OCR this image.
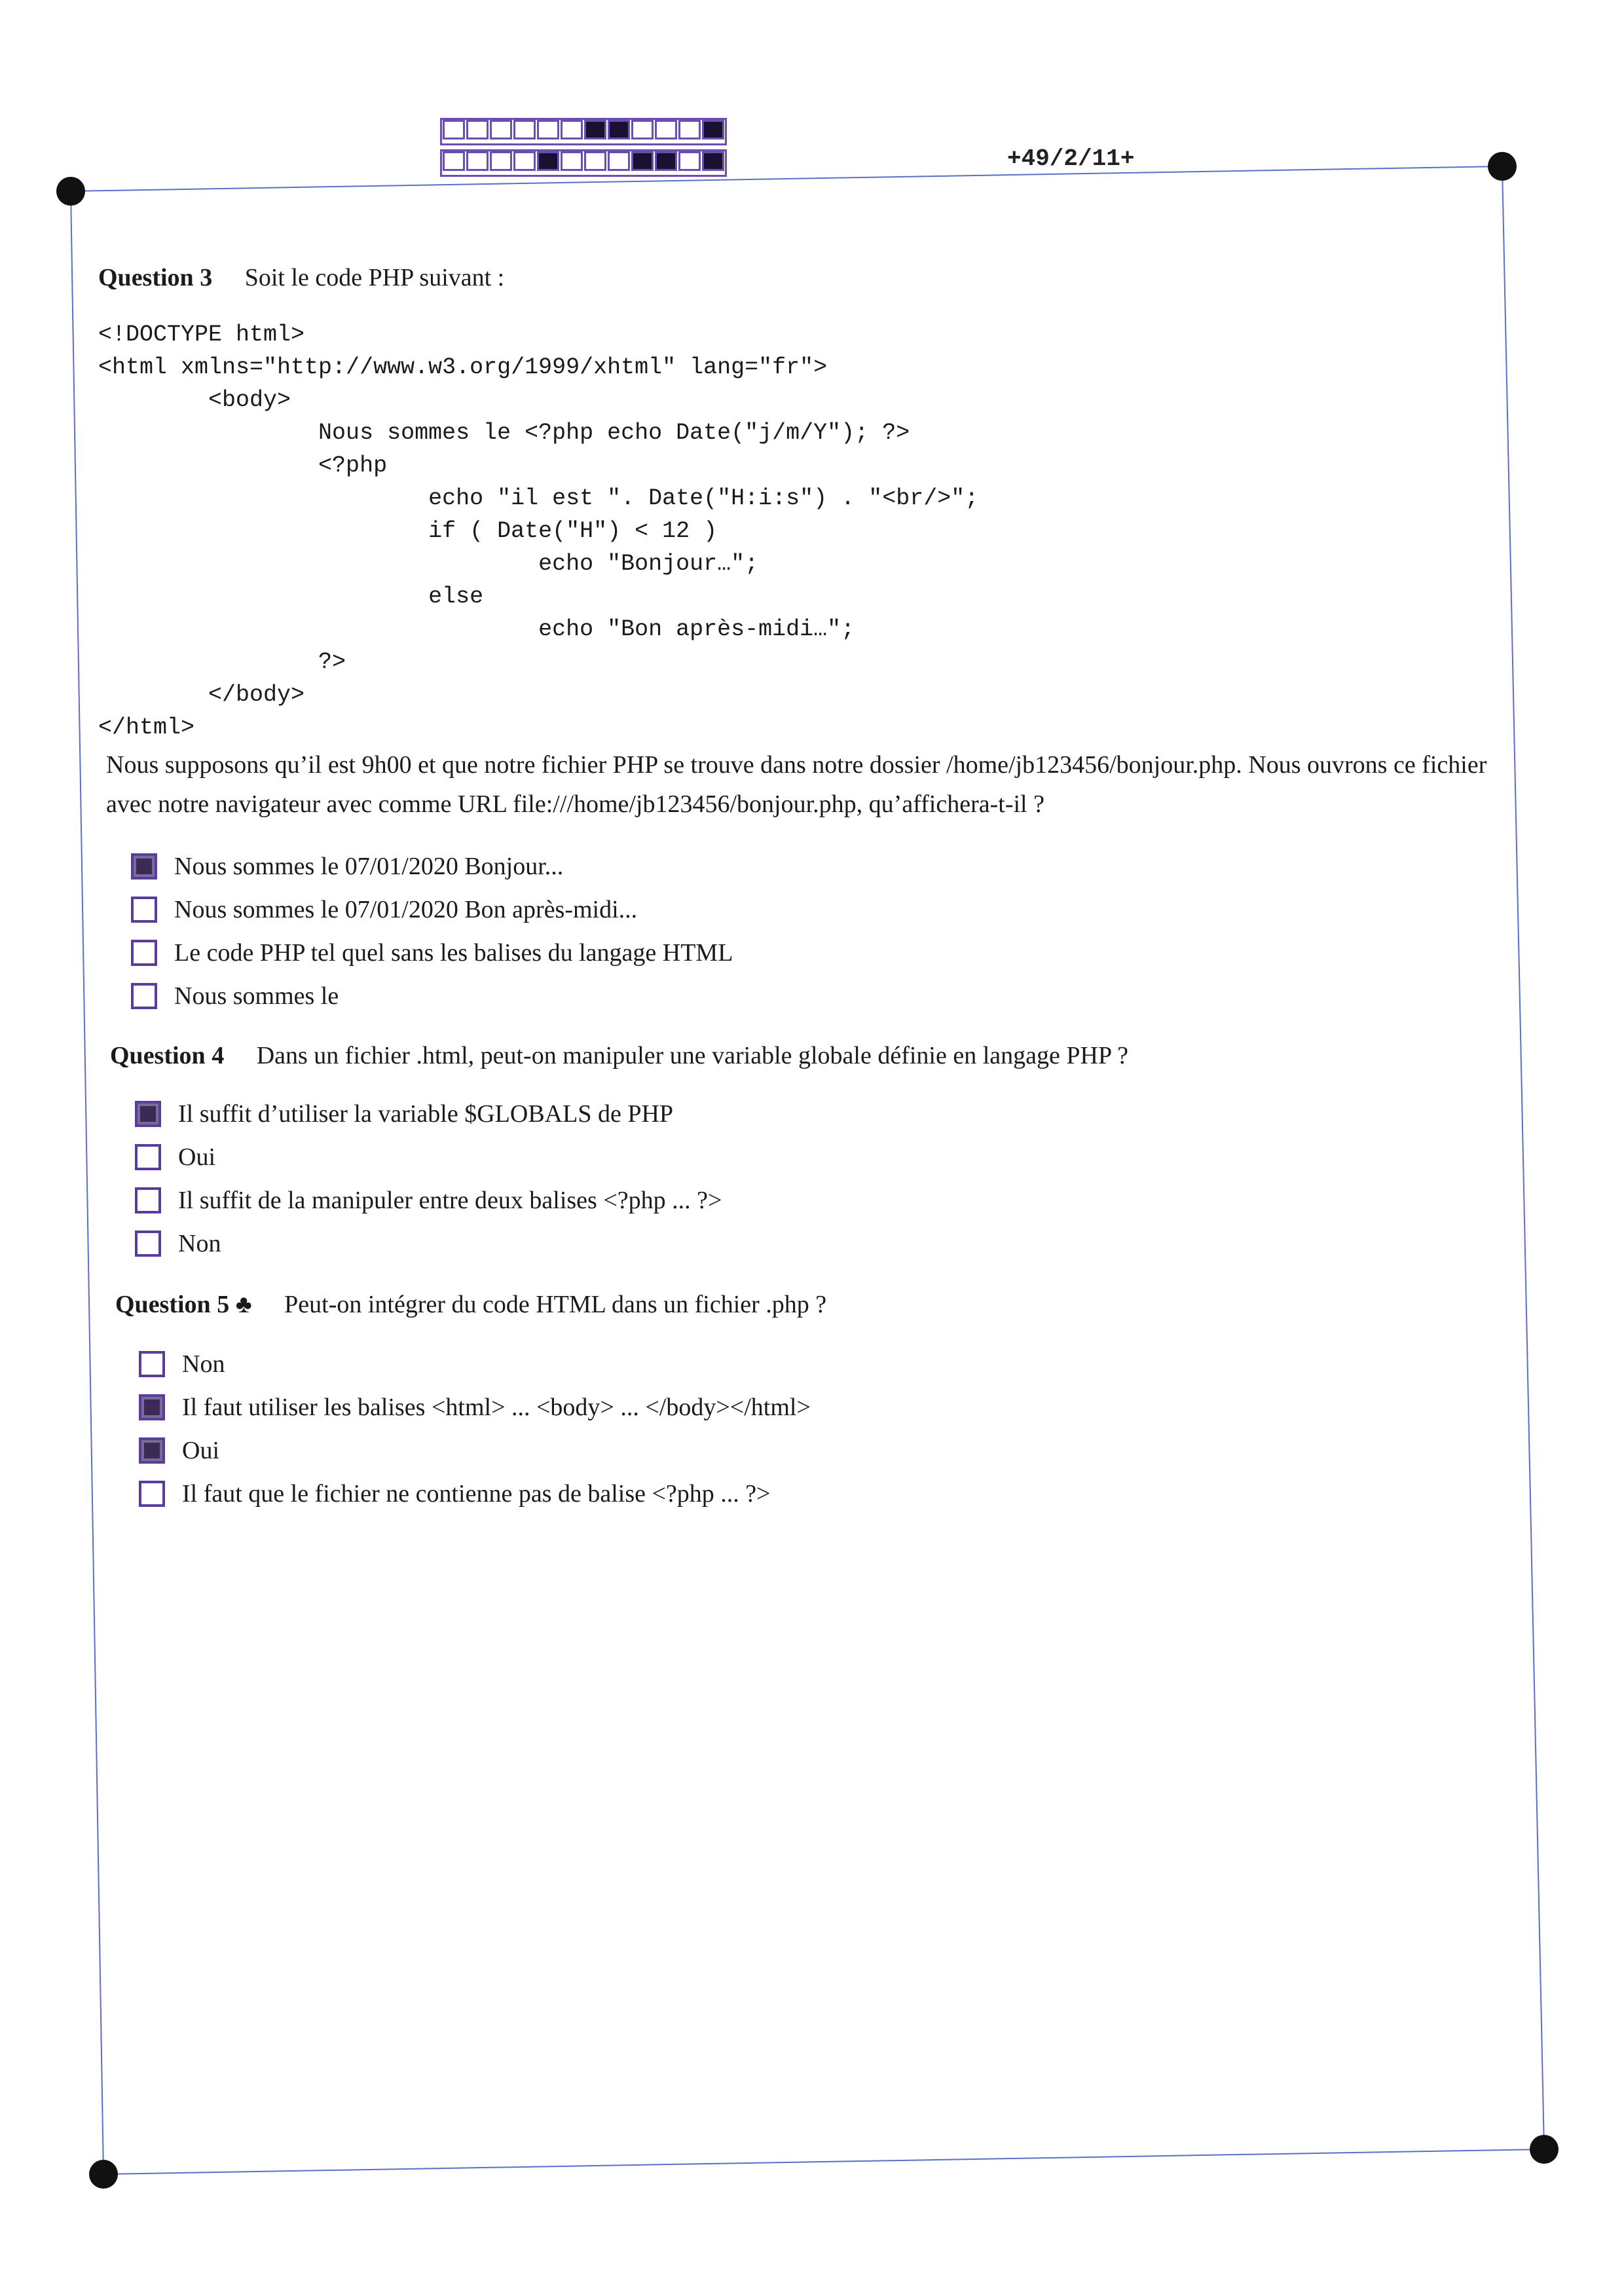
+49/2/11+
Question 3 Soit le code PHP suivant :
<!DOCTYPE html>
<html xmlns="http://www.w3.org/1999/xhtml" lang="fr">
<body>
Nous sommes le <?php echo Date("j/m/Y"); ?>
<?php
echo "il est ". Date("H:i:s") . "<br/>";
if ( Date("H") < 12 )
echo "Bonjour…";
else
echo "Bon après-midi…";
?>
</body>
</html>
Nous supposons qu’il est 9h00 et que notre fichier PHP se trouve dans notre dossier /home/jb123456/bonjour.php. Nous ouvrons ce fichier avec notre navigateur avec comme URL file:///home/jb123456/bonjour.php, qu’affichera-t-il ?
Nous sommes le 07/01/2020 Bonjour...
Nous sommes le 07/01/2020 Bon après-midi...
Le code PHP tel quel sans les balises du langage HTML
Nous sommes le
Question 4 Dans un fichier .html, peut-on manipuler une variable globale définie en langage PHP ?
Il suffit d’utiliser la variable $GLOBALS de PHP
Oui
Il suffit de la manipuler entre deux balises <?php ... ?>
Non
Question 5 ♣ Peut-on intégrer du code HTML dans un fichier .php ?
Non
Il faut utiliser les balises <html> ... <body> ... </body></html>
Oui
Il faut que le fichier ne contienne pas de balise <?php ... ?>
